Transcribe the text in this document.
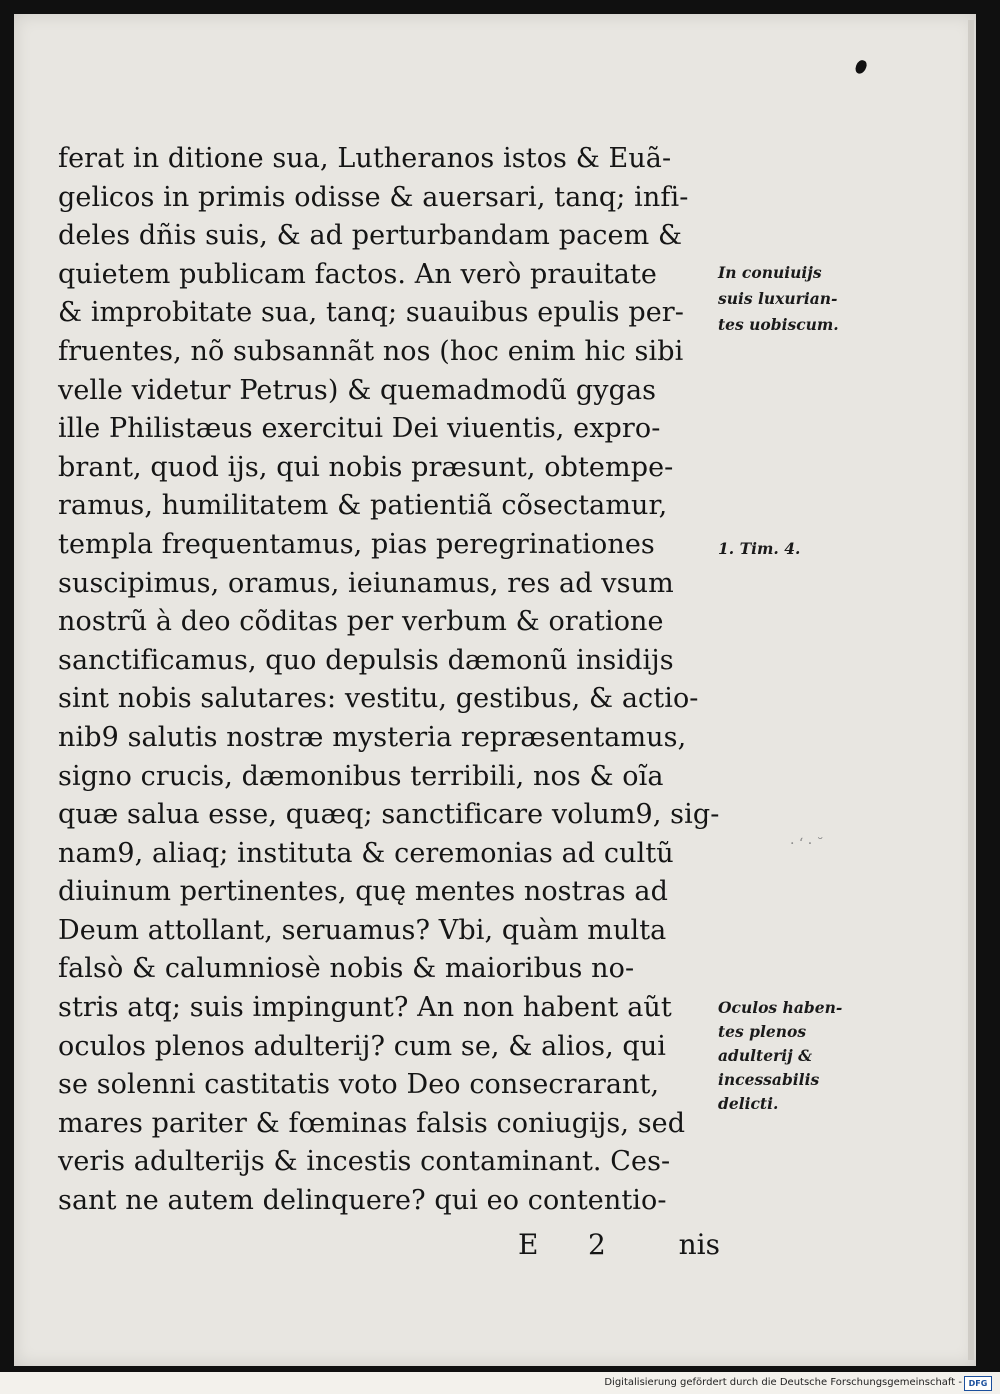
ferat in ditione sua, Lutheranos istos & Euã-
gelicos in primis odisse & auersari, tanq; infi-
deles dñis suis, & ad perturbandam pacem &
quietem publicam factos. An verò prauitate
& improbitate sua, tanq; suauibus epulis per-
fruentes, nõ subsannãt nos (hoc enim hic sibi
velle videtur Petrus) & quemadmodũ gygas
ille Philistæus exercitui Dei viuentis, expro-
brant, quod ijs, qui nobis præsunt, obtempe-
ramus, humilitatem & patientiã cõsectamur,
templa frequentamus, pias peregrinationes
suscipimus, oramus, ieiunamus, res ad vsum
nostrũ à deo cõditas per verbum & oratione
sanctificamus, quo depulsis dæmonũ insidijs
sint nobis salutares: vestitu, gestibus, & actio-
nib9 salutis nostræ mysteria repræsentamus,
signo crucis, dæmonibus terribili, nos & oĩa
quæ salua esse, quæq; sanctificare volum9, sig-
nam9, aliaq; instituta & ceremonias ad cultũ
diuinum pertinentes, quę mentes nostras ad
Deum attollant, seruamus? Vbi, quàm multa
falsò & calumniosè nobis & maioribus no-
stris atq; suis impingunt? An non habent aũt
oculos plenos adulterij? cum se, & alios, qui
se solenni castitatis voto Deo consecrarant,
mares pariter & fœminas falsis coniugijs, sed
veris adulterijs & incestis contaminant. Ces-
sant ne autem delinquere? qui eo contentio-
E 2	nis
In conuiuijs
suis luxurian-
tes uobiscum.
1. Tim. 4.
Oculos haben-
tes plenos
adulterij &
incessabilis
delicti.
· ‘ · ˘
Digitalisierung gefördert durch die Deutsche Forschungsgemeinschaft - DFG
